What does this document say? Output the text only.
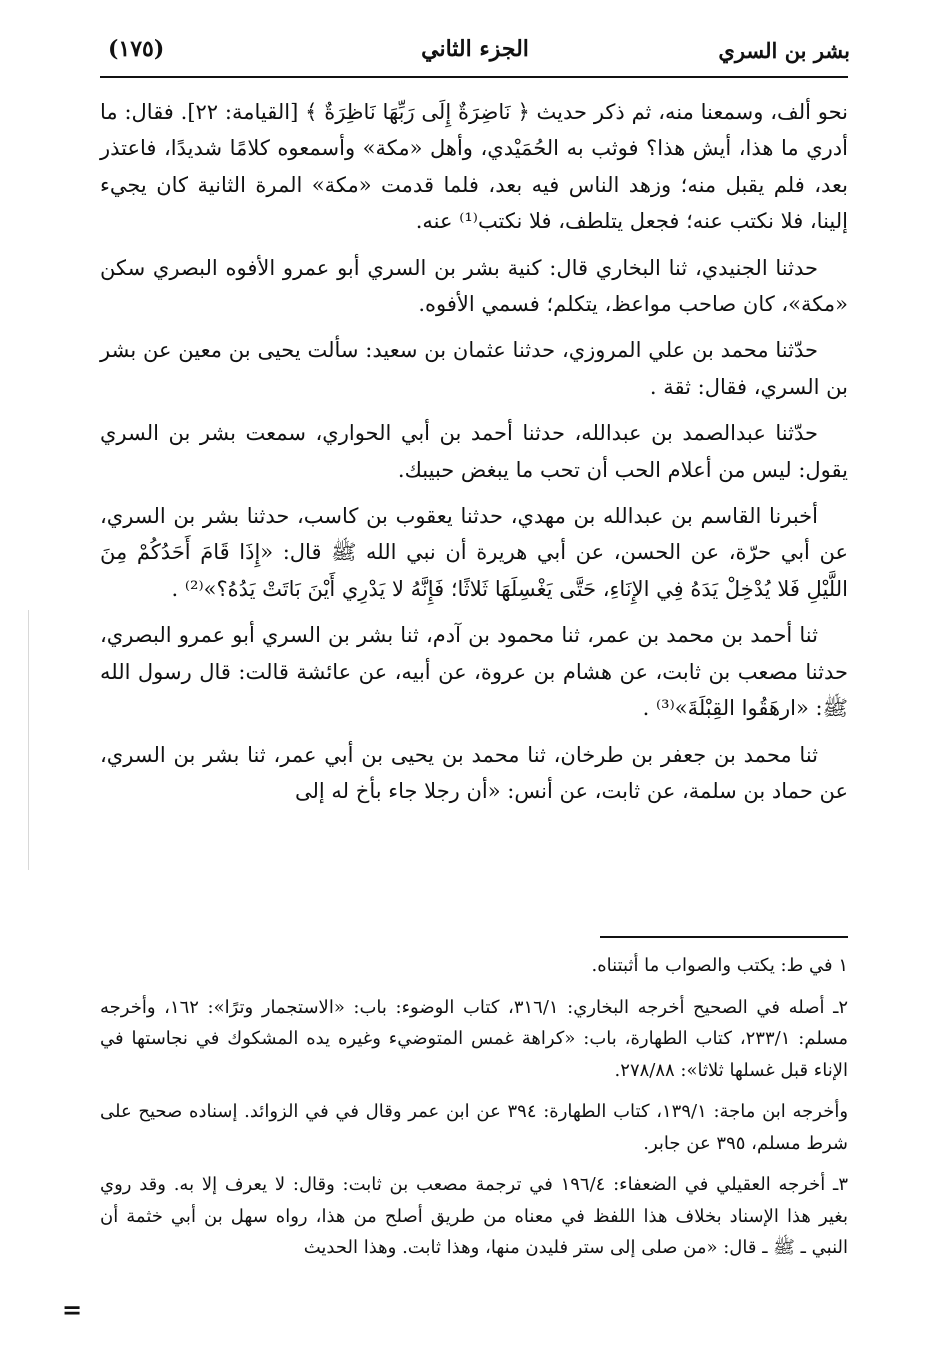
بشر بن السري
الجزء الثاني
(١٧٥)

نحو ألف، وسمعنا منه، ثم ذكر حديث ﴿ نَاضِرَةٌ إِلَى رَبِّهَا نَاظِرَةٌ ﴾ [القيامة: ٢٢]. فقال: ما أدري ما هذا، أيش هذا؟ فوثب به الحُمَيْدي، وأهل «مكة» وأسمعوه كلامًا شديدًا، فاعتذر بعد، فلم يقبل منه؛ وزهد الناس فيه بعد، فلما قدمت «مكة» المرة الثانية كان يجيء إلينا، فلا نكتب عنه؛ فجعل يتلطف، فلا نكتب⁽¹⁾ عنه.

حدثنا الجنيدي، ثنا البخاري قال: كنية بشر بن السري أبو عمرو الأفوه البصري سكن «مكة»، كان صاحب مواعظ، يتكلم؛ فسمي الأفوه.

حدّثنا محمد بن علي المروزي، حدثنا عثمان بن سعيد: سألت يحيى بن معين عن بشر بن السري، فقال: ثقة .

حدّثنا عبدالصمد بن عبدالله، حدثنا أحمد بن أبي الحواري، سمعت بشر بن السري يقول: ليس من أعلام الحب أن تحب ما يبغض حبيبك.

أخبرنا القاسم بن عبدالله بن مهدي، حدثنا يعقوب بن كاسب، حدثنا بشر بن السري، عن أبي حرّة، عن الحسن، عن أبي هريرة أن نبي الله ﷺ قال: «إِذَا قَامَ أَحَدُكُمْ مِنَ اللَّيْلِ فَلا يُدْخِلْ يَدَهُ فِي الإِنَاءِ، حَتَّى يَغْسِلَهَا ثَلاثًا؛ فَإِنَّهُ لا يَدْرِي أَيْنَ بَاتَتْ يَدُهُ؟»⁽²⁾ .

ثنا أحمد بن محمد بن عمر، ثنا محمود بن آدم، ثنا بشر بن السري أبو عمرو البصري، حدثنا مصعب بن ثابت، عن هشام بن عروة، عن أبيه، عن عائشة قالت: قال رسول الله ﷺ: «ارهَقُوا القِبْلَةَ»⁽³⁾ .

ثنا محمد بن جعفر بن طرخان، ثنا محمد بن يحيى بن أبي عمر، ثنا بشر بن السري، عن حماد بن سلمة، عن ثابت، عن أنس: «أن رجلا جاء بأخ له إلى

١ في ط: يكتب والصواب ما أثبتناه.

٢ـ أصله في الصحيح أخرجه البخاري: ٣١٦/١، كتاب الوضوء: باب: «الاستجمار وترًا»: ١٦٢، وأخرجه مسلم: ٢٣٣/١، كتاب الطهارة، باب: «كراهة غمس المتوضيء وغيره يده المشكوك في نجاستها في الإناء قبل غسلها ثلاثا»: ٢٧٨/٨٨.

وأخرجه ابن ماجة: ١٣٩/١، كتاب الطهارة: ٣٩٤ عن ابن عمر وقال في في الزوائد. إسناده صحيح على شرط مسلم، ٣٩٥ عن جابر.

٣ـ أخرجه العقيلي في الضعفاء: ١٩٦/٤ في ترجمة مصعب بن ثابت: وقال: لا يعرف إلا به. وقد روي بغير هذا الإسناد بخلاف هذا اللفظ في معناه من طريق أصلح من هذا، رواه سهل بن أبي خثمة أن النبي ـ ﷺ ـ قال: «من صلى إلى ستر فليدن منها، وهذا ثابت. وهذا الحديث

=
